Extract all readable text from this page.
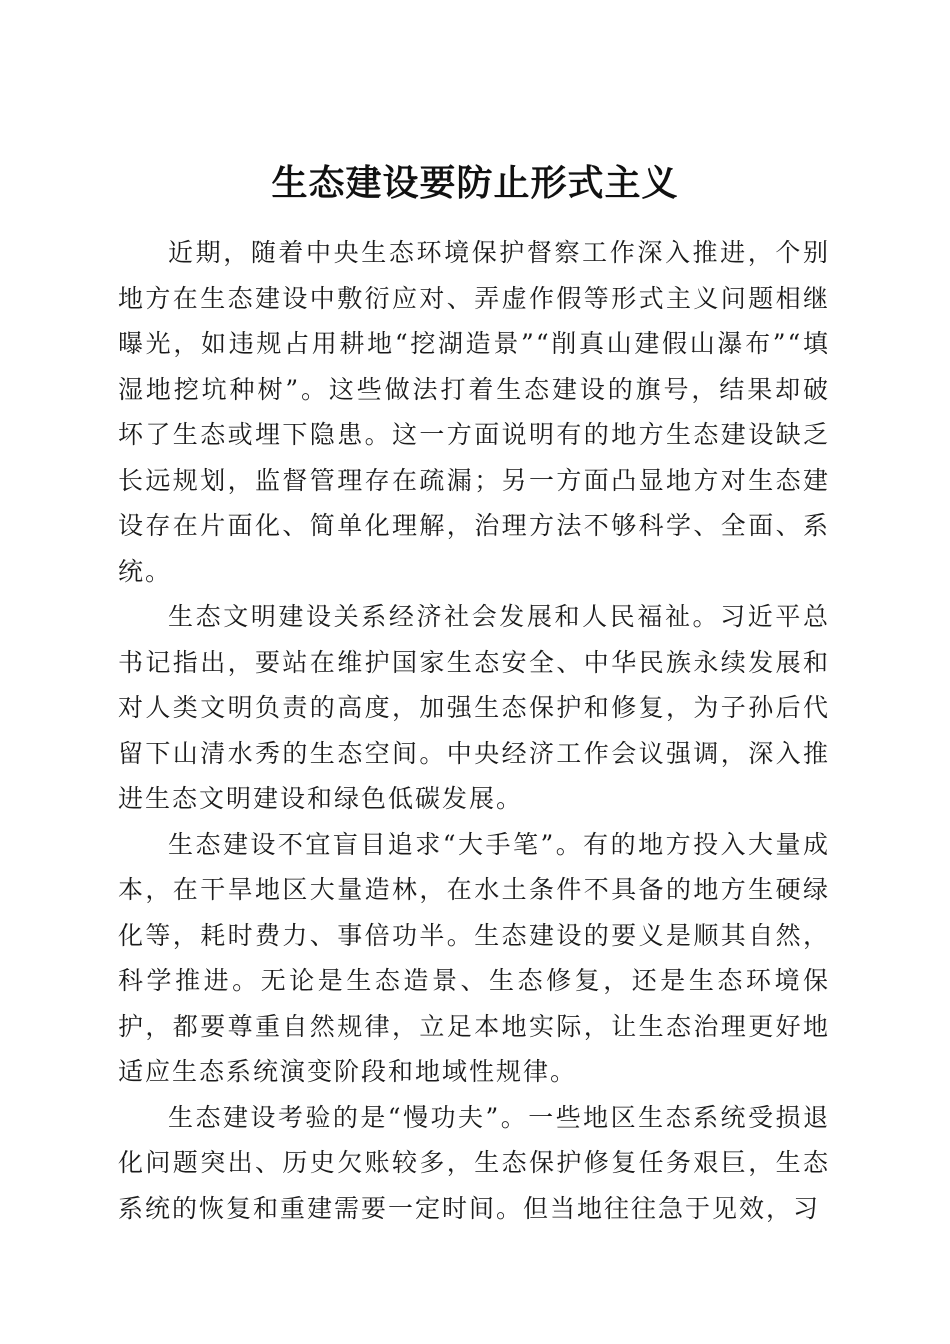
生态建设要防止形式主义

近期，随着中央生态环境保护督察工作深入推进，个别地方在生态建设中敷衍应对、弄虚作假等形式主义问题相继曝光，如违规占用耕地“挖湖造景”“削真山建假山瀑布”“填湿地挖坑种树”。这些做法打着生态建设的旗号，结果却破坏了生态或埋下隐患。这一方面说明有的地方生态建设缺乏长远规划，监督管理存在疏漏；另一方面凸显地方对生态建设存在片面化、简单化理解，治理方法不够科学、全面、系统。

生态文明建设关系经济社会发展和人民福祉。习近平总书记指出，要站在维护国家生态安全、中华民族永续发展和对人类文明负责的高度，加强生态保护和修复，为子孙后代留下山清水秀的生态空间。中央经济工作会议强调，深入推进生态文明建设和绿色低碳发展。

生态建设不宜盲目追求“大手笔”。有的地方投入大量成本，在干旱地区大量造林，在水土条件不具备的地方生硬绿化等，耗时费力、事倍功半。生态建设的要义是顺其自然，科学推进。无论是生态造景、生态修复，还是生态环境保护，都要尊重自然规律，立足本地实际，让生态治理更好地适应生态系统演变阶段和地域性规律。

生态建设考验的是“慢功夫”。一些地区生态系统受损退化问题突出、历史欠账较多，生态保护修复任务艰巨，生态系统的恢复和重建需要一定时间。但当地往往急于见效，习
